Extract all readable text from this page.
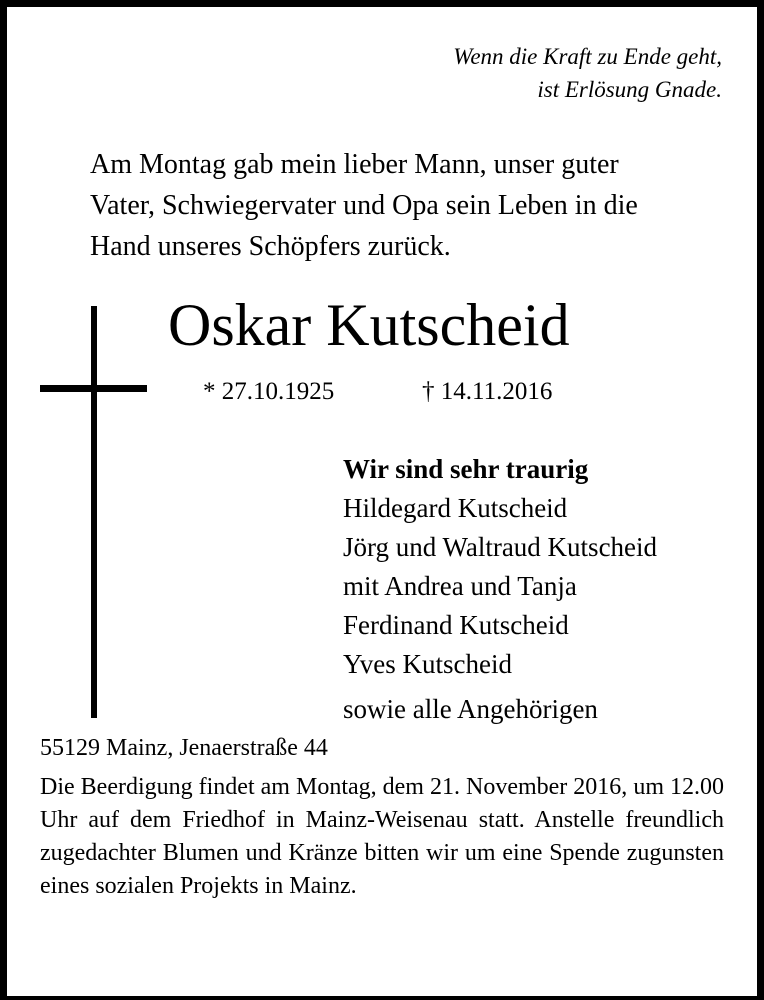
Wenn die Kraft zu Ende geht,
ist Erlösung Gnade.
Am Montag gab mein lieber Mann, unser guter
Vater, Schwiegervater und Opa sein Leben in die
Hand unseres Schöpfers zurück.
Oskar Kutscheid
* 27.10.1925	† 14.11.2016
Wir sind sehr traurig
Hildegard Kutscheid
Jörg und Waltraud Kutscheid
mit Andrea und Tanja
Ferdinand Kutscheid
Yves Kutscheid
sowie alle Angehörigen
55129 Mainz, Jenaerstraße 44
Die Beerdigung findet am Montag, dem 21. November 2016, um 12.00 Uhr auf dem Friedhof in Mainz-Weisenau statt. Anstelle freundlich zugedachter Blumen und Kränze bitten wir um eine Spende zugunsten eines sozialen Projekts in Mainz.
